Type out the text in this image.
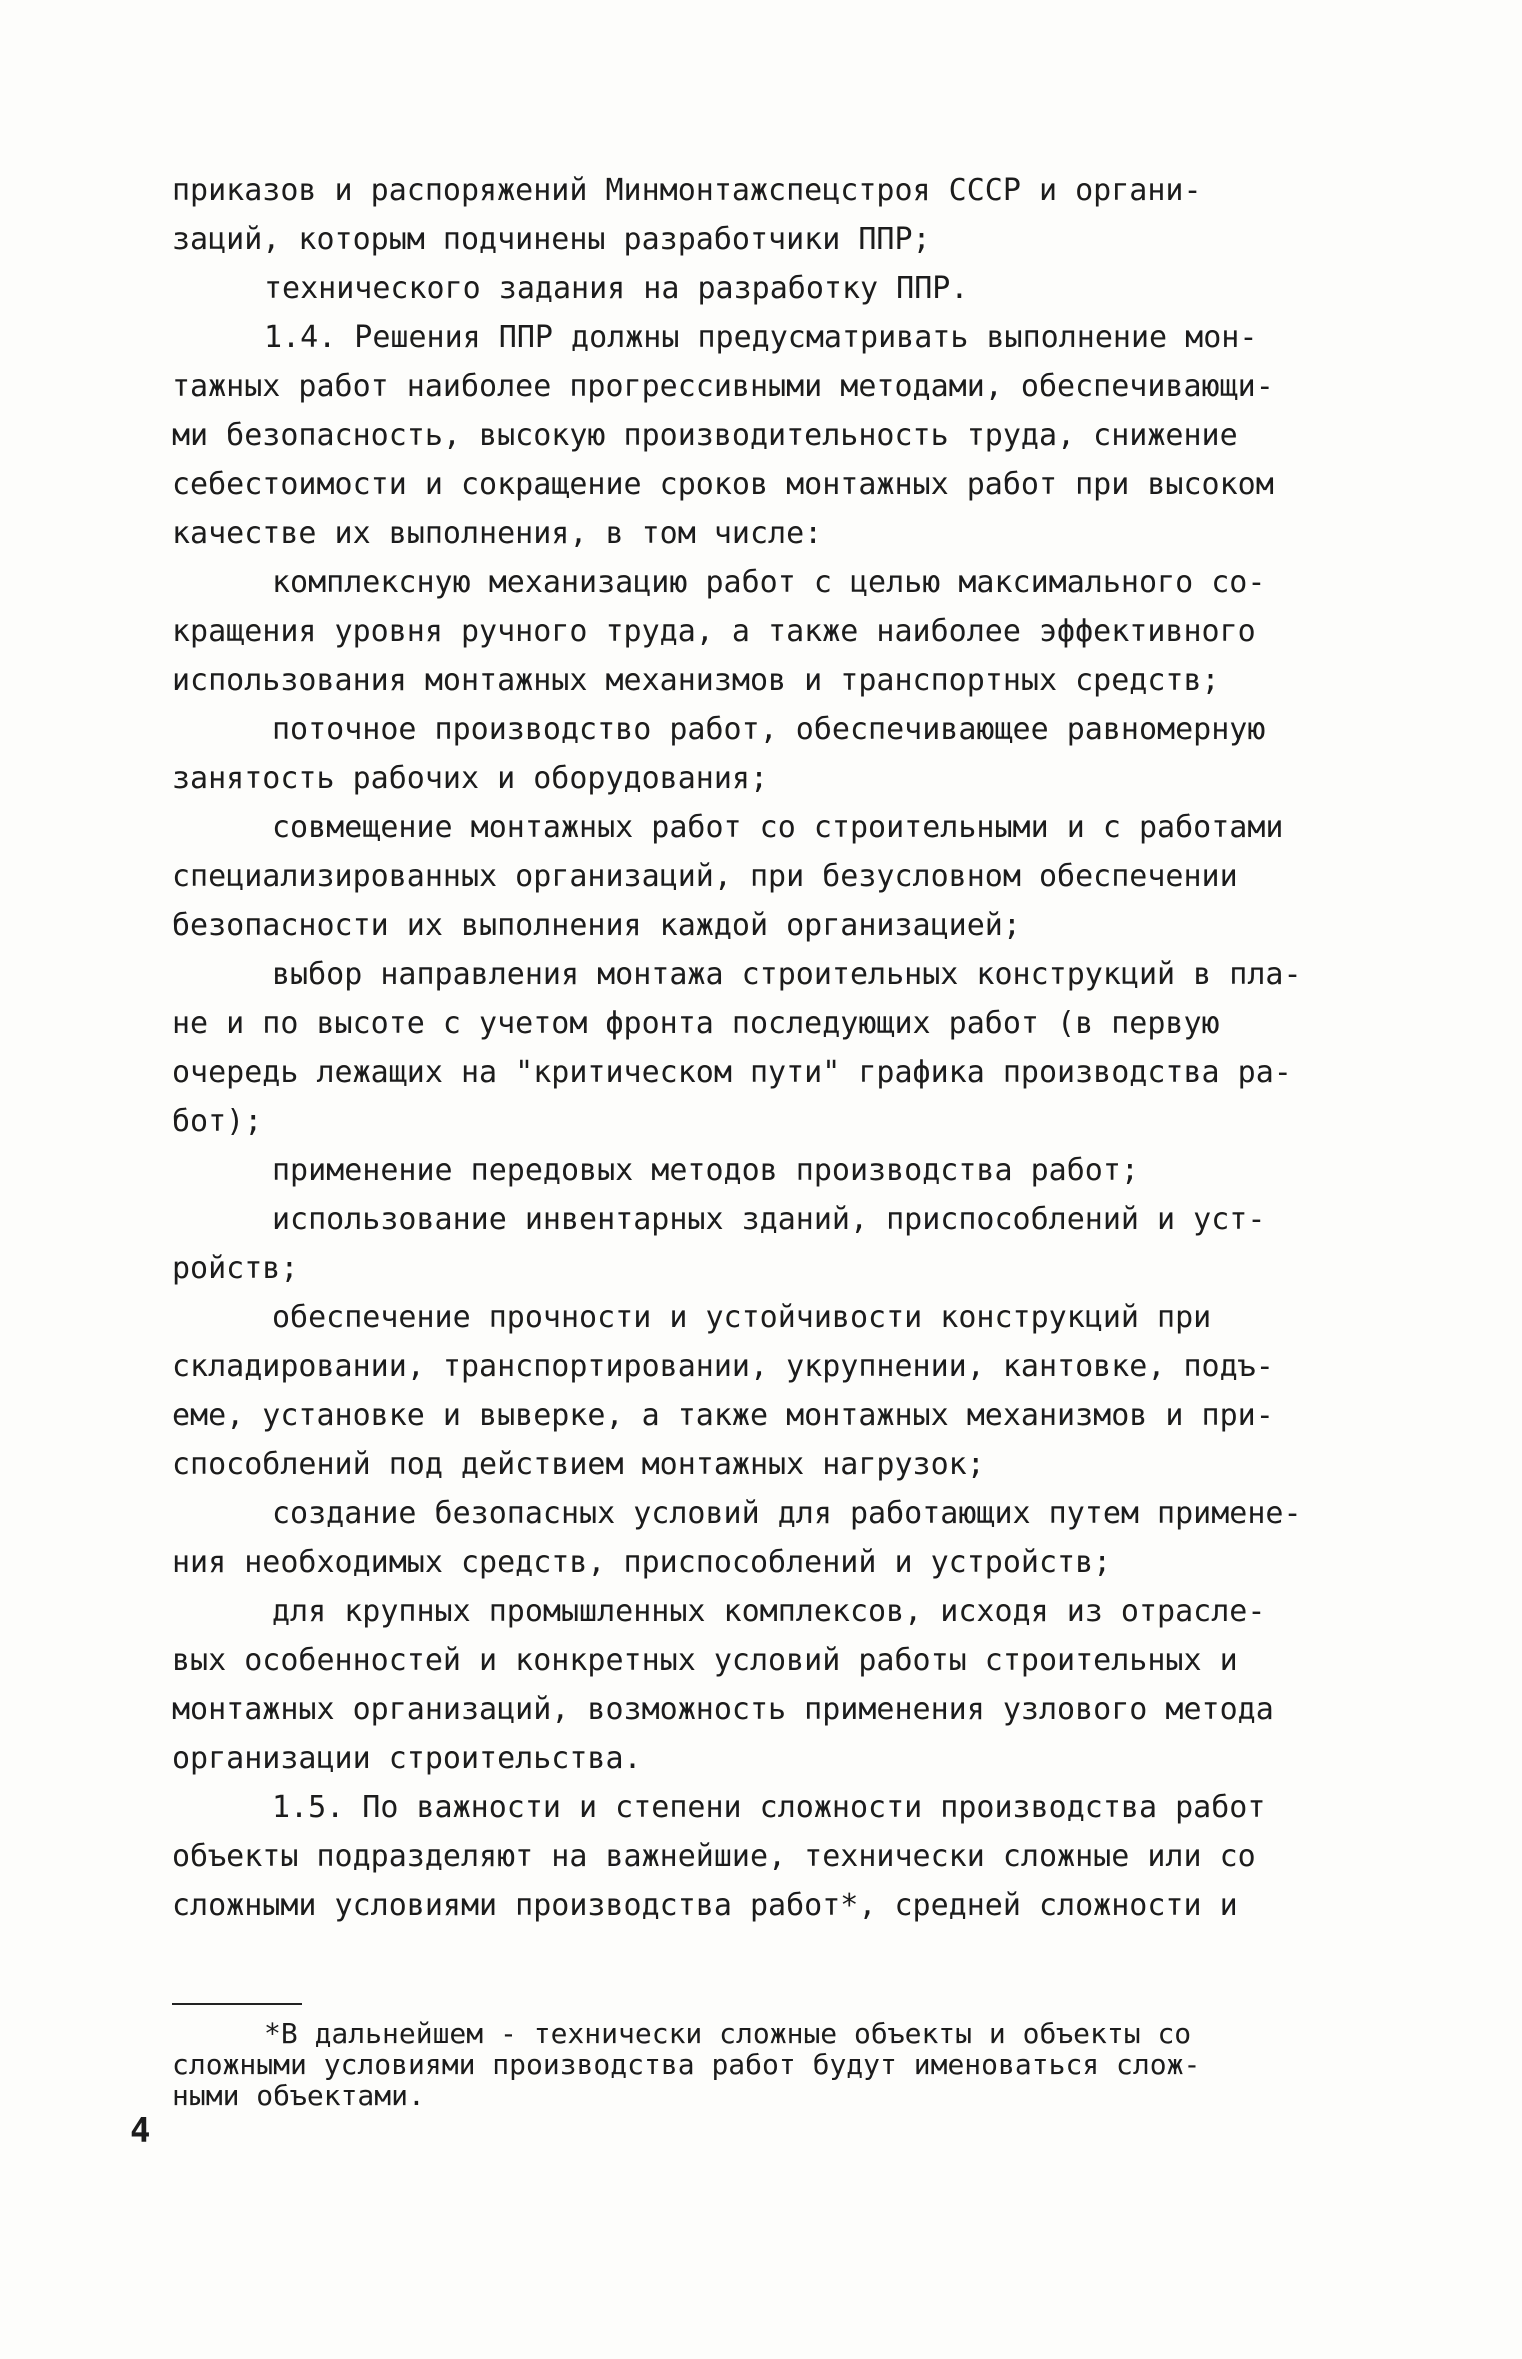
приказов и распоряжений Минмонтажспецстроя СССР и органи-
заций, которым подчинены разработчики ППР;
технического задания на разработку ППР.
1.4. Решения ППР должны предусматривать выполнение мон-
тажных работ наиболее прогрессивными методами, обеспечивающи-
ми безопасность, высокую производительность труда, снижение
себестоимости и сокращение сроков монтажных работ при высоком
качестве их выполнения, в том числе:
комплексную механизацию работ с целью максимального со-
кращения уровня ручного труда, а также наиболее эффективного
использования монтажных механизмов и транспортных средств;
поточное производство работ, обеспечивающее равномерную
занятость рабочих и оборудования;
совмещение монтажных работ со строительными и с работами
специализированных организаций, при безусловном обеспечении
безопасности их выполнения каждой организацией;
выбор направления монтажа строительных конструкций в пла-
не и по высоте с учетом фронта последующих работ (в первую
очередь лежащих на "критическом пути" графика производства ра-
бот);
применение передовых методов производства работ;
использование инвентарных зданий, приспособлений и уст-
ройств;
обеспечение прочности и устойчивости конструкций при
складировании, транспортировании, укрупнении, кантовке, подъ-
еме, установке и выверке, а также монтажных механизмов и при-
способлений под действием монтажных нагрузок;
создание безопасных условий для работающих путем примене-
ния необходимых средств, приспособлений и устройств;
для крупных промышленных комплексов, исходя из отрасле-
вых особенностей и конкретных условий работы строительных и
монтажных организаций, возможность применения узлового метода
организации строительства.
1.5. По важности и степени сложности производства работ
объекты подразделяют на важнейшие, технически сложные или со
сложными условиями производства работ*, средней сложности и
*В дальнейшем - технически сложные объекты и объекты со
сложными условиями производства работ будут именоваться слож-
ными объектами.
4
